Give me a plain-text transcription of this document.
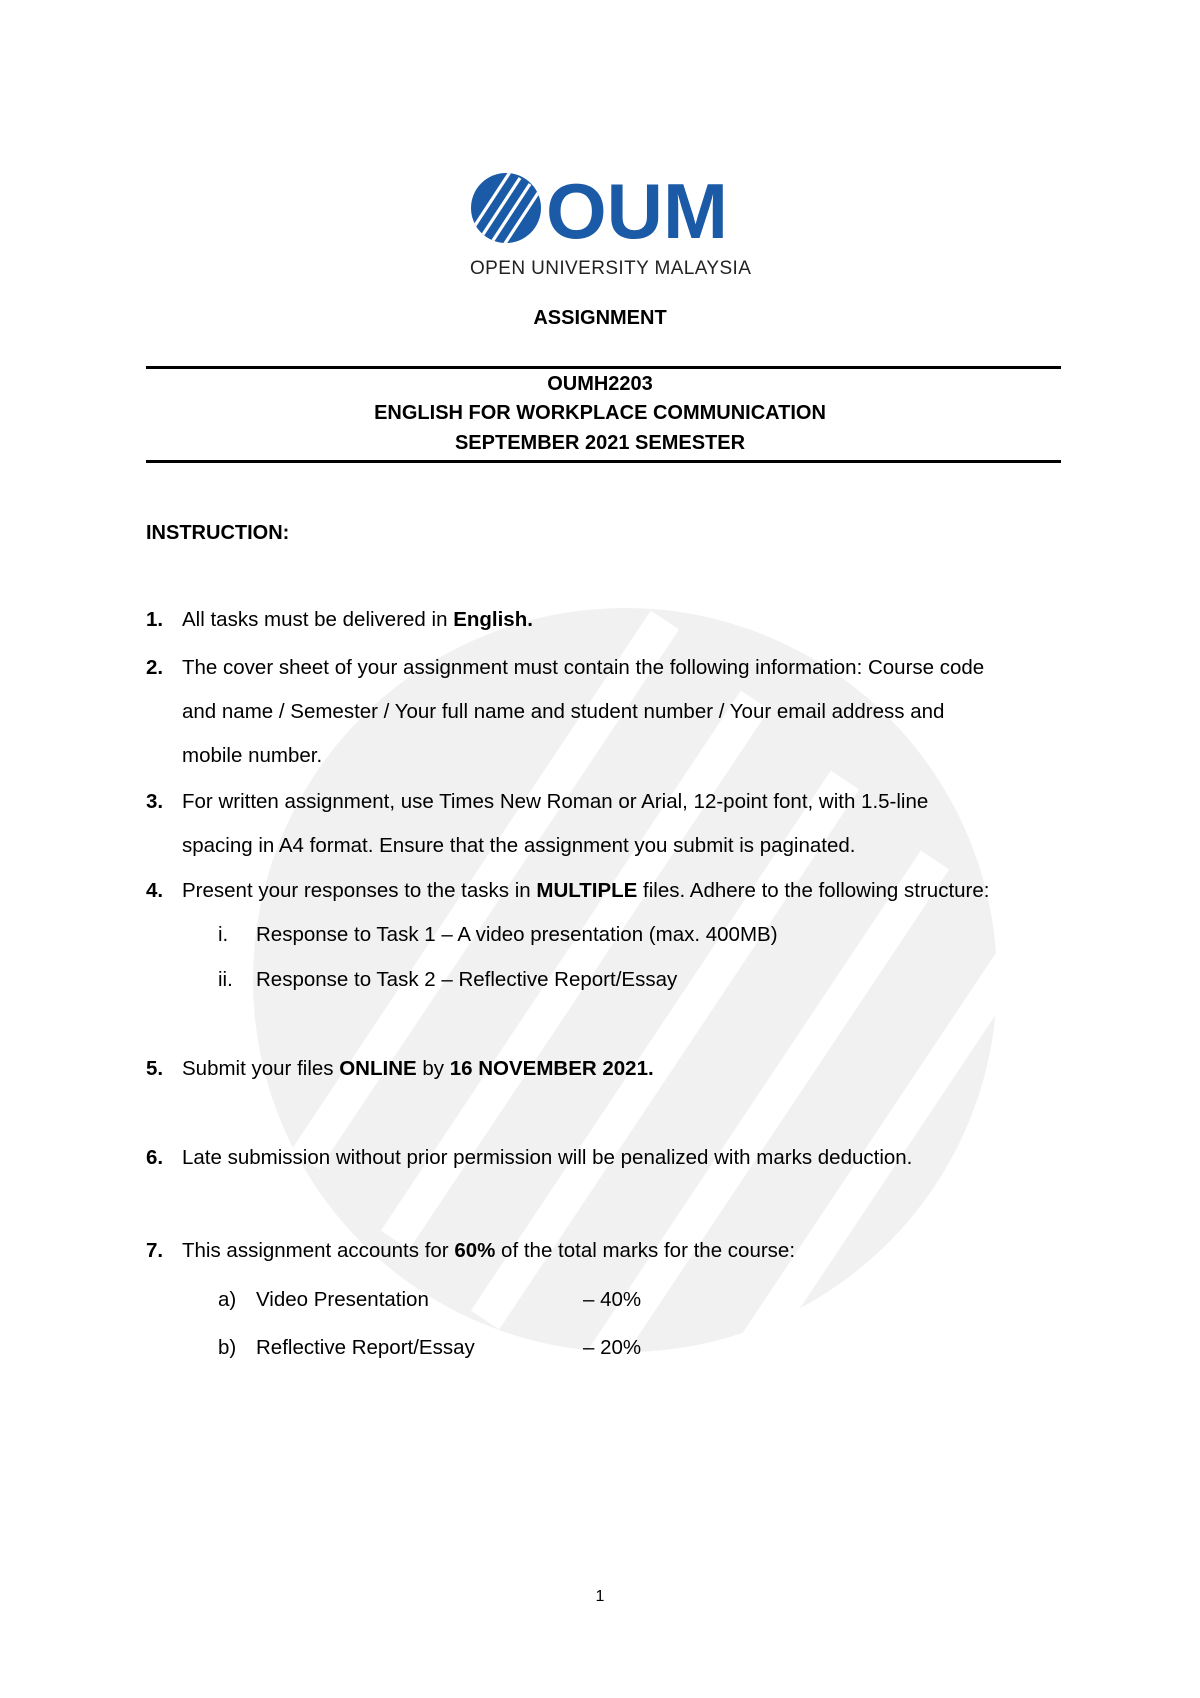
OUM
OPEN UNIVERSITY MALAYSIA
ASSIGNMENT
OUMH2203
ENGLISH FOR WORKPLACE COMMUNICATION
SEPTEMBER 2021 SEMESTER
INSTRUCTION:
1. All tasks must be delivered in English.
2. The cover sheet of your assignment must contain the following information: Course code
and name / Semester / Your full name and student number / Your email address and
mobile number.
3. For written assignment, use Times New Roman or Arial, 12-point font, with 1.5-line
spacing in A4 format. Ensure that the assignment you submit is paginated.
4. Present your responses to the tasks in MULTIPLE files. Adhere to the following structure:
i. Response to Task 1 – A video presentation (max. 400MB)
ii. Response to Task 2 – Reflective Report/Essay
5. Submit your files ONLINE by 16 NOVEMBER 2021.
6. Late submission without prior permission will be penalized with marks deduction.
7. This assignment accounts for 60% of the total marks for the course:
a) Video Presentation	– 40%
b) Reflective Report/Essay	– 20%
1
